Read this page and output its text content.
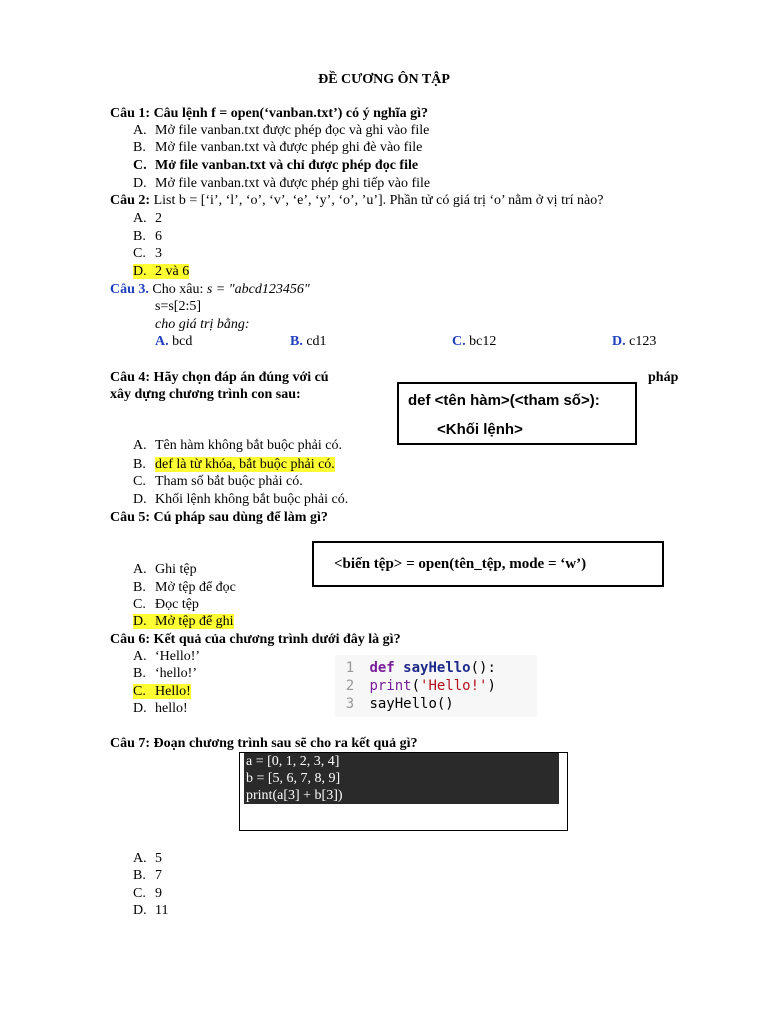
ĐỀ CƯƠNG ÔN TẬP
Câu 1: Câu lệnh f = open(‘vanban.txt’) có ý nghĩa gì?
A. Mở file vanban.txt được phép đọc và ghi vào file
B. Mở file vanban.txt và được phép ghi đè vào file
C. Mở file vanban.txt và chỉ được phép đọc file
D. Mở file vanban.txt và được phép ghi tiếp vào file
Câu 2: List b = [‘i’, ‘l’, ‘o’, ‘v’, ‘e’, ‘y’, ‘o’, ’u’]. Phần tử có giá trị ‘o’ nằm ở vị trí nào?
A. 2
B. 6
C. 3
D. 2 và 6
Câu 3. Cho xâu: s = "abcd123456"
s=s[2:5]
cho giá trị bằng:
A. bcd	B. cd1	C. bc12	D. c123
Câu 4: Hãy chọn đáp án đúng với cú	pháp
xây dựng chương trình con sau:	def <tên hàm>(<tham số>):
<Khối lệnh>
A. Tên hàm không bắt buộc phải có.
B. def là từ khóa, bắt buộc phải có.
C. Tham số bắt buộc phải có.
D. Khối lệnh không bắt buộc phải có.
Câu 5: Cú pháp sau dùng để làm gì?
<biến tệp> = open(tên_tệp, mode = ‘w’)
A. Ghi tệp
B. Mở tệp để đọc
C. Đọc tệp
D. Mở tệp để ghi
Câu 6: Kết quả của chương trình dưới đây là gì?
A. ‘Hello!’
B. ‘hello!’
C. Hello!
D. hello!
1 def sayHello():
2 print('Hello!')
3 sayHello()
Câu 7: Đoạn chương trình sau sẽ cho ra kết quả gì?
a = [0, 1, 2, 3, 4]
b = [5, 6, 7, 8, 9]
print(a[3] + b[3])
A. 5
B. 7
C. 9
D. 11
